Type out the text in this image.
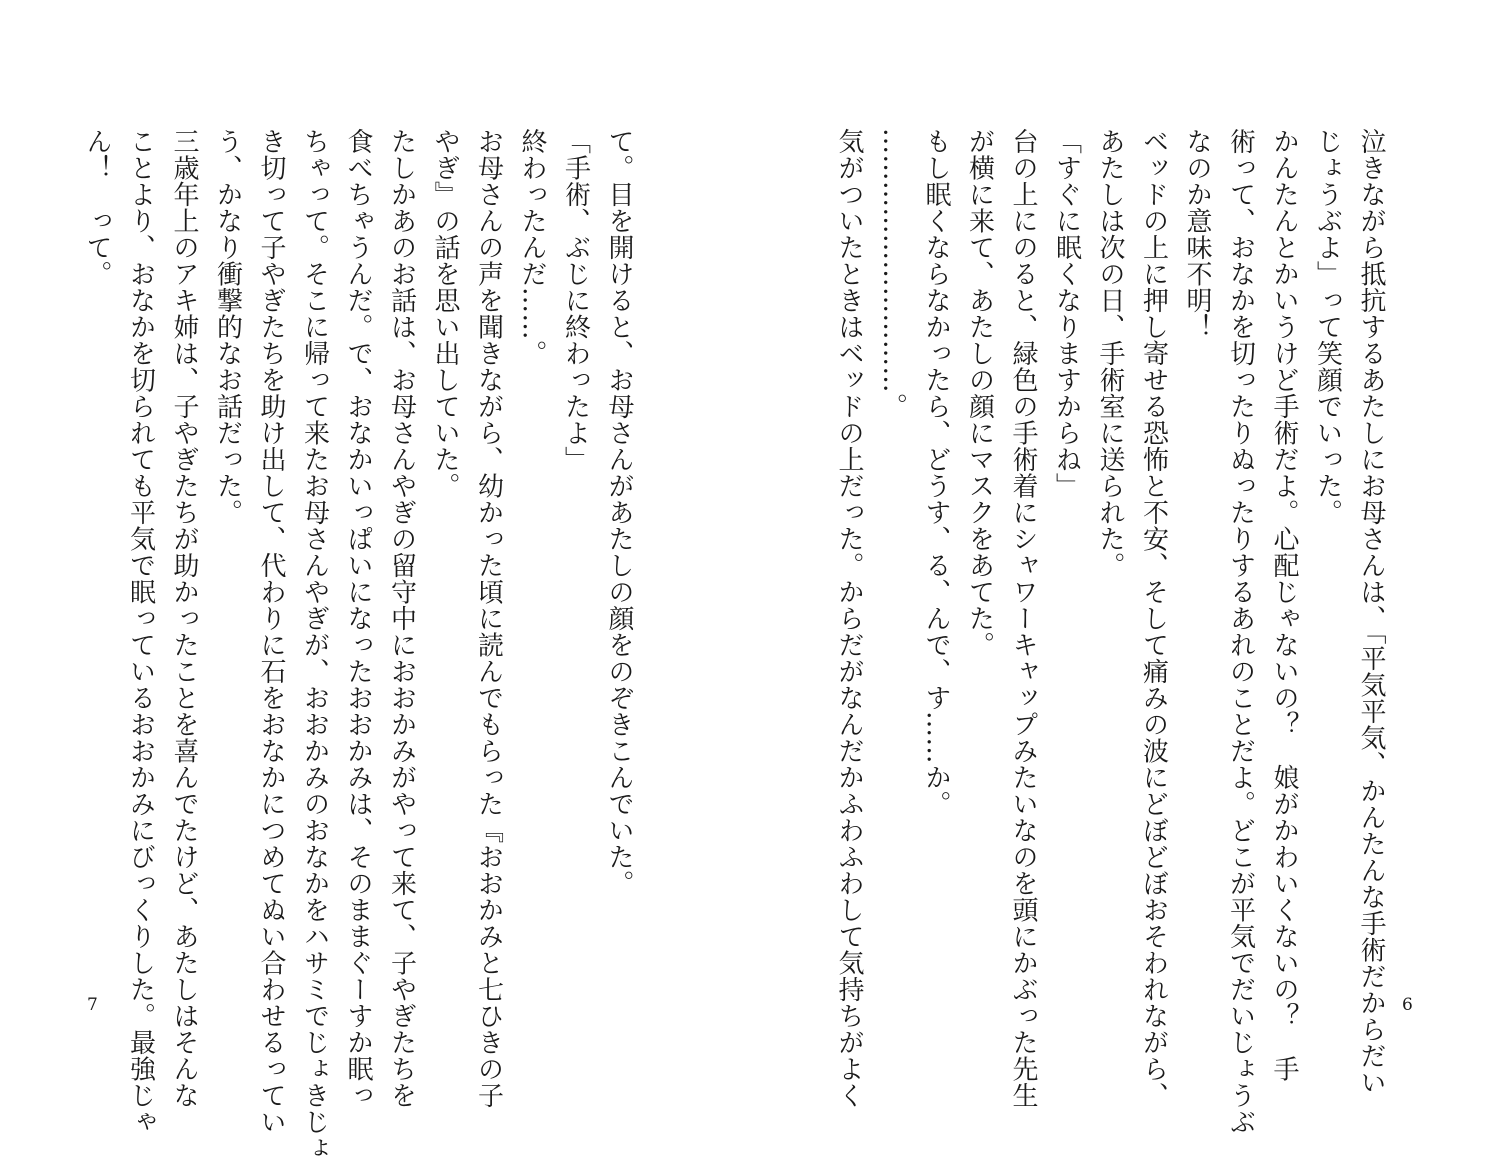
泣きながら抵抗するあたしにお母さんは、「平気平気、かんたんな手術だからだい
じょうぶよ」って笑顔でいった。
かんたんとかいうけど手術だよ。心配じゃないの？　娘がかわいくないの？　手
術って、おなかを切ったりぬったりするあれのことだよ。どこが平気でだいじょうぶ
なのか意味不明！
ベッドの上に押し寄せる恐怖と不安、そして痛みの波にどぼどぼおそわれながら、
あたしは次の日、手術室に送られた。
「すぐに眠くなりますからね」
台の上にのると、緑色の手術着にシャワーキャップみたいなのを頭にかぶった先生
が横に来て、あたしの顔にマスクをあてた。
もし眠くならなかったら、どうす、る、んで、す……か。
…………………………。
気がついたときはベッドの上だった。からだがなんだかふわふわして気持ちがよく	6
て。目を開けると、お母さんがあたしの顔をのぞきこんでいた。
「手術、ぶじに終わったよ」
終わったんだ……。
お母さんの声を聞きながら、幼かった頃に読んでもらった『おおかみと七ひきの子
やぎ』の話を思い出していた。
たしかあのお話は、お母さんやぎの留守中におおかみがやって来て、子やぎたちを
食べちゃうんだ。で、おなかいっぱいになったおおかみは、そのままぐーすか眠っ
ちゃって。そこに帰って来たお母さんやぎが、おおかみのおなかをハサミでじょきじょ
き切って子やぎたちを助け出して、代わりに石をおなかにつめてぬい合わせるってい
う、かなり衝撃的なお話だった。
三歳年上のアキ姉は、子やぎたちが助かったことを喜んでたけど、あたしはそんな
ことより、おなかを切られても平気で眠っているおおかみにびっくりした。最強じゃ
ん！　って。
7
